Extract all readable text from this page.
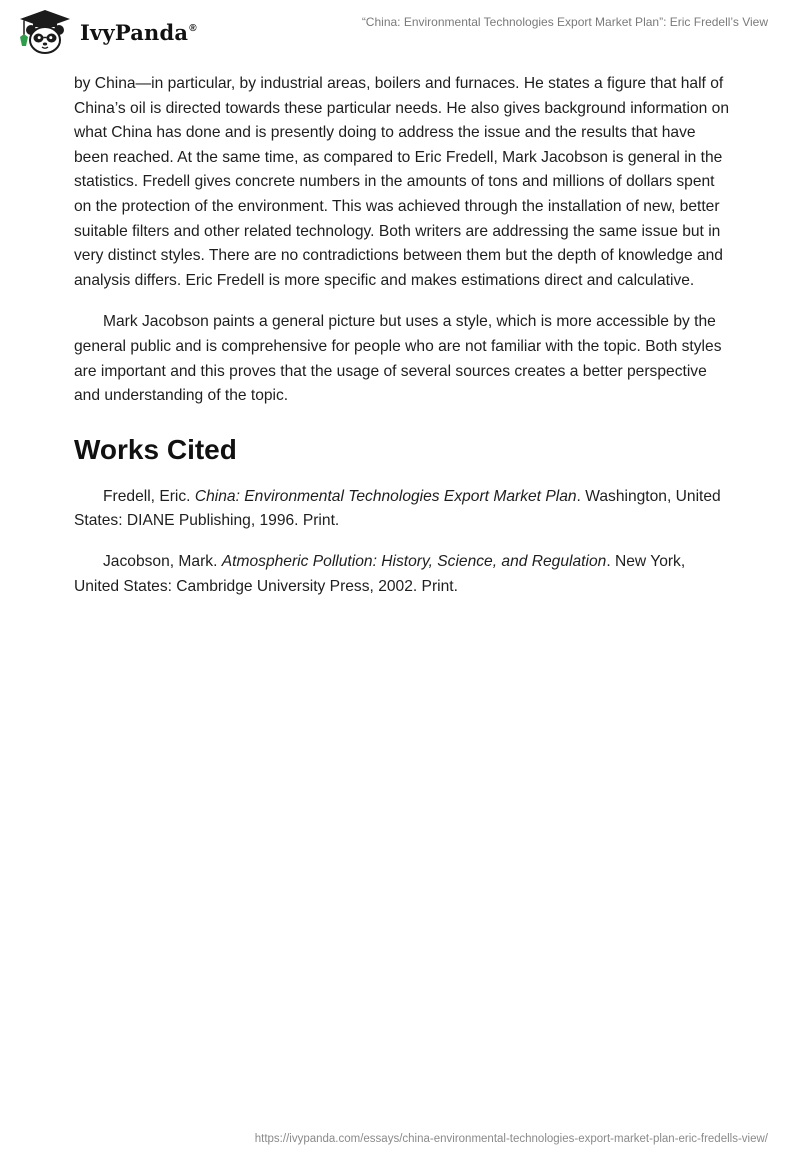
IvyPanda®	“China: Environmental Technologies Export Market Plan”: Eric Fredell’s View

by China—in particular, by industrial areas, boilers and furnaces. He states a figure that half of China’s oil is directed towards these particular needs. He also gives background information on what China has done and is presently doing to address the issue and the results that have been reached. At the same time, as compared to Eric Fredell, Mark Jacobson is general in the statistics. Fredell gives concrete numbers in the amounts of tons and millions of dollars spent on the protection of the environment. This was achieved through the installation of new, better suitable filters and other related technology. Both writers are addressing the same issue but in very distinct styles. There are no contradictions between them but the depth of knowledge and analysis differs. Eric Fredell is more specific and makes estimations direct and calculative.

Mark Jacobson paints a general picture but uses a style, which is more accessible by the general public and is comprehensive for people who are not familiar with the topic. Both styles are important and this proves that the usage of several sources creates a better perspective and understanding of the topic.

Works Cited

Fredell, Eric. China: Environmental Technologies Export Market Plan. Washington, United States: DIANE Publishing, 1996. Print.

Jacobson, Mark. Atmospheric Pollution: History, Science, and Regulation. New York, United States: Cambridge University Press, 2002. Print.

https://ivypanda.com/essays/china-environmental-technologies-export-market-plan-eric-fredells-view/
